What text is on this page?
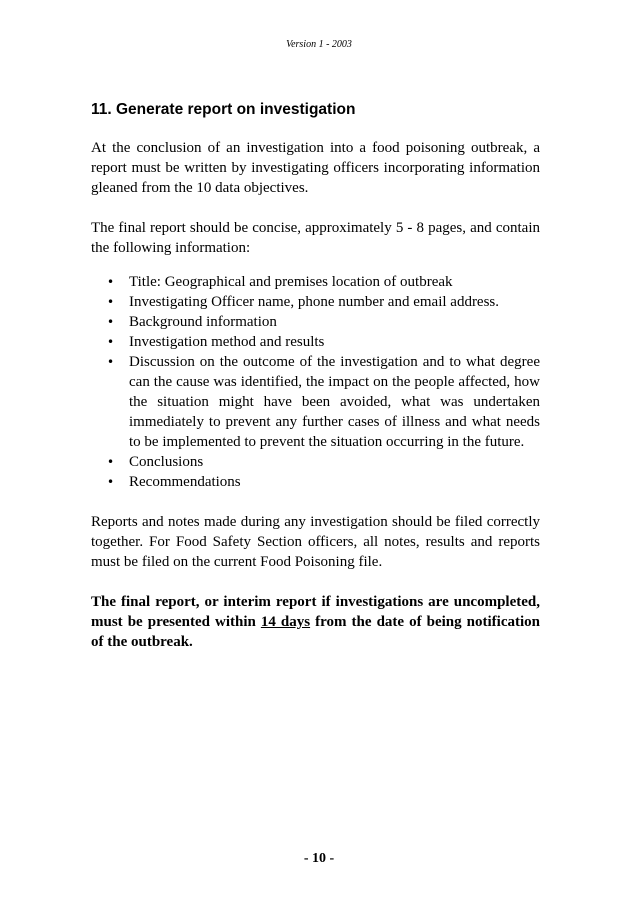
Version 1 - 2003
11. Generate report on investigation

At the conclusion of an investigation into a food poisoning outbreak, a report must be written by investigating officers incorporating information gleaned from the 10 data objectives.

The final report should be concise, approximately 5 - 8 pages, and contain the following information:

• Title: Geographical and premises location of outbreak
• Investigating Officer name, phone number and email address.
• Background information
• Investigation method and results
• Discussion on the outcome of the investigation and to what degree can the cause was identified, the impact on the people affected, how the situation might have been avoided, what was undertaken immediately to prevent any further cases of illness and what needs to be implemented to prevent the situation occurring in the future.
• Conclusions
• Recommendations

Reports and notes made during any investigation should be filed correctly together. For Food Safety Section officers, all notes, results and reports must be filed on the current Food Poisoning file.

The final report, or interim report if investigations are uncompleted, must be presented within 14 days from the date of being notification of the outbreak.

- 10 -
